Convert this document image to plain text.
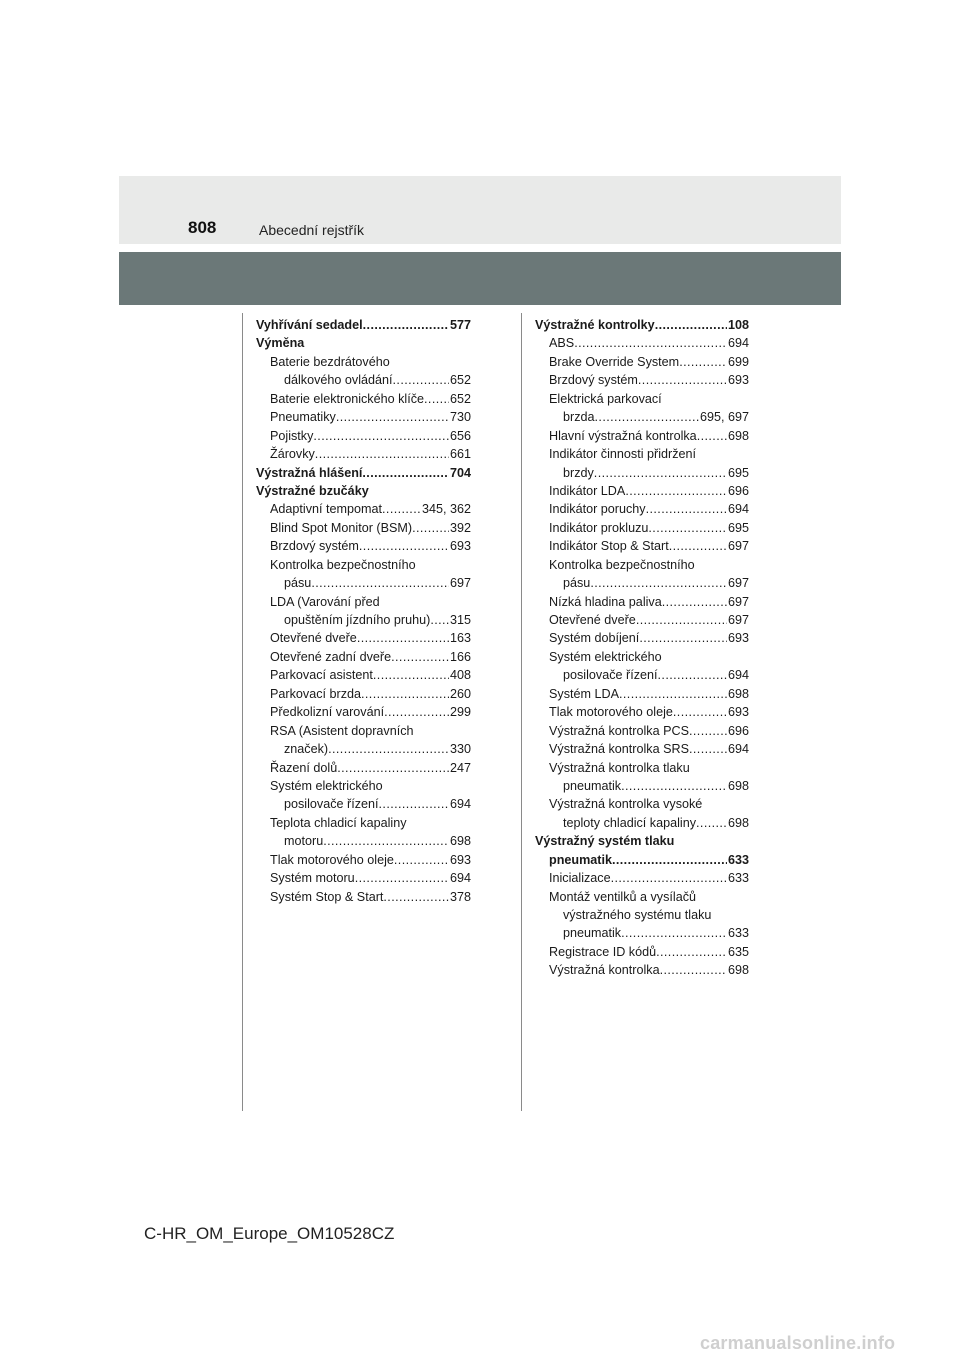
808	Abecední rejstřík
Vyhřívání sedadel .....	577
Výměna
Baterie bezdrátového
dálkového ovládání .....	652
Baterie elektronického klíče ..... 652
Pneumatiky .....	730
Pojistky .....	656
Žárovky .....	661
Výstražná hlášení .....	704
Výstražné bzučáky
Adaptivní tempomat .....	345, 362
Blind Spot Monitor (BSM) .....	392
Brzdový systém .....	693
Kontrolka bezpečnostního
pásu .....	697
LDA (Varování před
opuštěním jízdního pruhu) ..... 315
Otevřené dveře .....	163
Otevřené zadní dveře .....	166
Parkovací asistent .....	408
Parkovací brzda .....	260
Předkolizní varování .....	299
RSA (Asistent dopravních
značek) .....	330
Řazení dolů .....	247
Systém elektrického
posilovače řízení .....	694
Teplota chladicí kapaliny
motoru .....	698
Tlak motorového oleje .....	693
Systém motoru .....	694
Systém Stop & Start .....	378
Výstražné kontrolky .....	108
ABS .....	694
Brake Override System .....	699
Brzdový systém .....	693
Elektrická parkovací
brzda .....	695, 697
Hlavní výstražná kontrolka ..... 698
Indikátor činnosti přidržení
brzdy .....	695
Indikátor LDA .....	696
Indikátor poruchy .....	694
Indikátor prokluzu .....	695
Indikátor Stop & Start .....	697
Kontrolka bezpečnostního
pásu .....	697
Nízká hladina paliva .....	697
Otevřené dveře .....	697
Systém dobíjení .....	693
Systém elektrického
posilovače řízení .....	694
Systém LDA .....	698
Tlak motorového oleje .....	693
Výstražná kontrolka PCS .....	696
Výstražná kontrolka SRS .....	694
Výstražná kontrolka tlaku
pneumatik .....	698
Výstražná kontrolka vysoké
teploty chladicí kapaliny .....	698
Výstražný systém tlaku
pneumatik .....	633
Inicializace .....	633
Montáž ventilků a vysílačů
výstražného systému tlaku
pneumatik .....	633
Registrace ID kódů .....	635
Výstražná kontrolka .....	698
C-HR_OM_Europe_OM10528CZ
carmanualsonline.info
